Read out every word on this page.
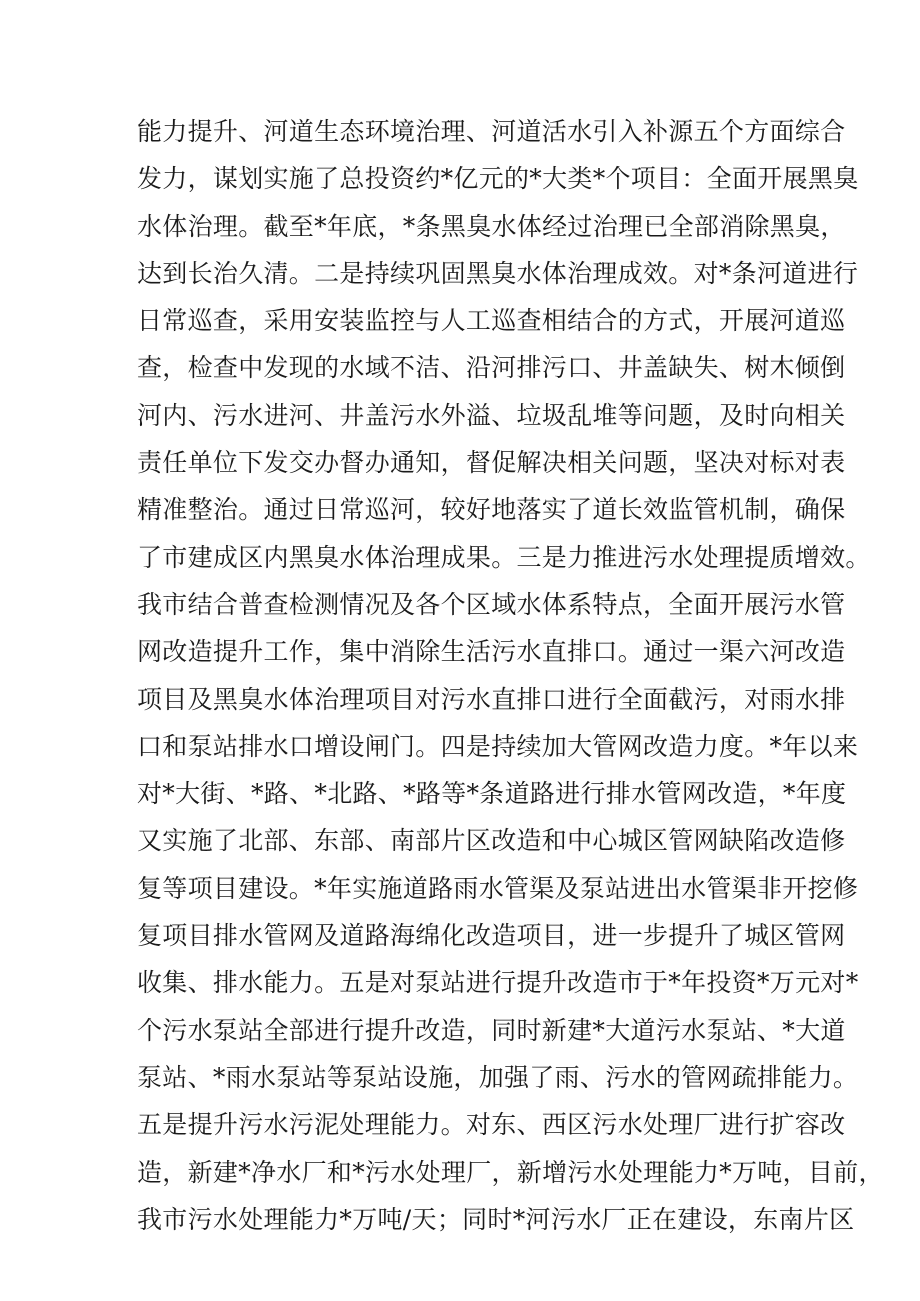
能力提升、河道生态环境治理、河道活水引入补源五个方面综合
发力，谋划实施了总投资约*亿元的*大类*个项目：全面开展黑臭
水体治理。截至*年底，*条黑臭水体经过治理已全部消除黑臭，
达到长治久清。二是持续巩固黑臭水体治理成效。对*条河道进行
日常巡查，采用安装监控与人工巡查相结合的方式，开展河道巡
查，检查中发现的水域不洁、沿河排污口、井盖缺失、树木倾倒
河内、污水进河、井盖污水外溢、垃圾乱堆等问题，及时向相关
责任单位下发交办督办通知，督促解决相关问题，坚决对标对表
精准整治。通过日常巡河，较好地落实了道长效监管机制，确保
了市建成区内黑臭水体治理成果。三是力推进污水处理提质增效。
我市结合普查检测情况及各个区域水体系特点，全面开展污水管
网改造提升工作，集中消除生活污水直排口。通过一渠六河改造
项目及黑臭水体治理项目对污水直排口进行全面截污，对雨水排
口和泵站排水口增设闸门。四是持续加大管网改造力度。*年以来
对*大街、*路、*北路、*路等*条道路进行排水管网改造，*年度
又实施了北部、东部、南部片区改造和中心城区管网缺陷改造修
复等项目建设。*年实施道路雨水管渠及泵站进出水管渠非开挖修
复项目排水管网及道路海绵化改造项目，进一步提升了城区管网
收集、排水能力。五是对泵站进行提升改造市于*年投资*万元对*
个污水泵站全部进行提升改造，同时新建*大道污水泵站、*大道
泵站、*雨水泵站等泵站设施，加强了雨、污水的管网疏排能力。
五是提升污水污泥处理能力。对东、西区污水处理厂进行扩容改
造，新建*净水厂和*污水处理厂，新增污水处理能力*万吨，目前，
我市污水处理能力*万吨/天；同时*河污水厂正在建设，东南片区
